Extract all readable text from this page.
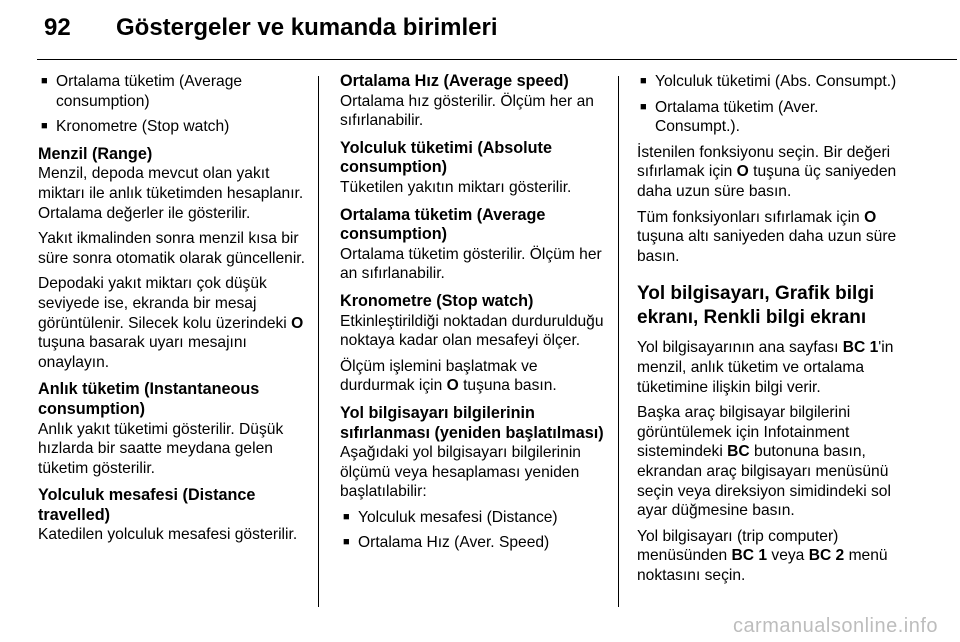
92 Göstergeler ve kumanda birimleri
■ Ortalama tüketim (Average consumption)
■ Kronometre (Stop watch)
Menzil (Range)

Menzil, depoda mevcut olan yakıt miktarı ile anlık tüketimden hesaplanır. Ortalama değerler ile gösterilir.

Yakıt ikmalinden sonra menzil kısa bir süre sonra otomatik olarak güncellenir.

Depodaki yakıt miktarı çok düşük seviyede ise, ekranda bir mesaj görüntülenir. Silecek kolu üzerindeki O tuşuna basarak uyarı mesajını onaylayın.

Anlık tüketim (Instantaneous consumption)

Anlık yakıt tüketimi gösterilir. Düşük hızlarda bir saatte meydana gelen tüketim gösterilir.

Yolculuk mesafesi (Distance travelled)

Katedilen yolculuk mesafesi gösterilir.

Ortalama Hız (Average speed)

Ortalama hız gösterilir. Ölçüm her an sıfırlanabilir.

Yolculuk tüketimi (Absolute consumption)

Tüketilen yakıtın miktarı gösterilir.

Ortalama tüketim (Average consumption)

Ortalama tüketim gösterilir. Ölçüm her an sıfırlanabilir.

Kronometre (Stop watch)

Etkinleştirildiği noktadan durdurulduğu noktaya kadar olan mesafeyi ölçer.

Ölçüm işlemini başlatmak ve durdurmak için O tuşuna basın.

Yol bilgisayarı bilgilerinin sıfırlanması (yeniden başlatılması)

Aşağıdaki yol bilgisayarı bilgilerinin ölçümü veya hesaplaması yeniden başlatılabilir:

■ Yolculuk mesafesi (Distance)
■ Ortalama Hız (Aver. Speed)
■ Yolculuk tüketimi (Abs. Consumpt.)
■ Ortalama tüketim (Aver. Consumpt.).

İstenilen fonksiyonu seçin. Bir değeri sıfırlamak için O tuşuna üç saniyeden daha uzun süre basın.

Tüm fonksiyonları sıfırlamak için O tuşuna altı saniyeden daha uzun süre basın.

Yol bilgisayarı, Grafik bilgi ekranı, Renkli bilgi ekranı

Yol bilgisayarının ana sayfası BC 1'in menzil, anlık tüketim ve ortalama tüketimine ilişkin bilgi verir.

Başka araç bilgisayar bilgilerini görüntülemek için Infotainment sistemindeki BC butonuna basın, ekrandan araç bilgisayarı menüsünü seçin veya direksiyon simidindeki sol ayar düğmesine basın.

Yol bilgisayarı (trip computer) menüsünden BC 1 veya BC 2 menü noktasını seçin.

carmanualsonline.info
